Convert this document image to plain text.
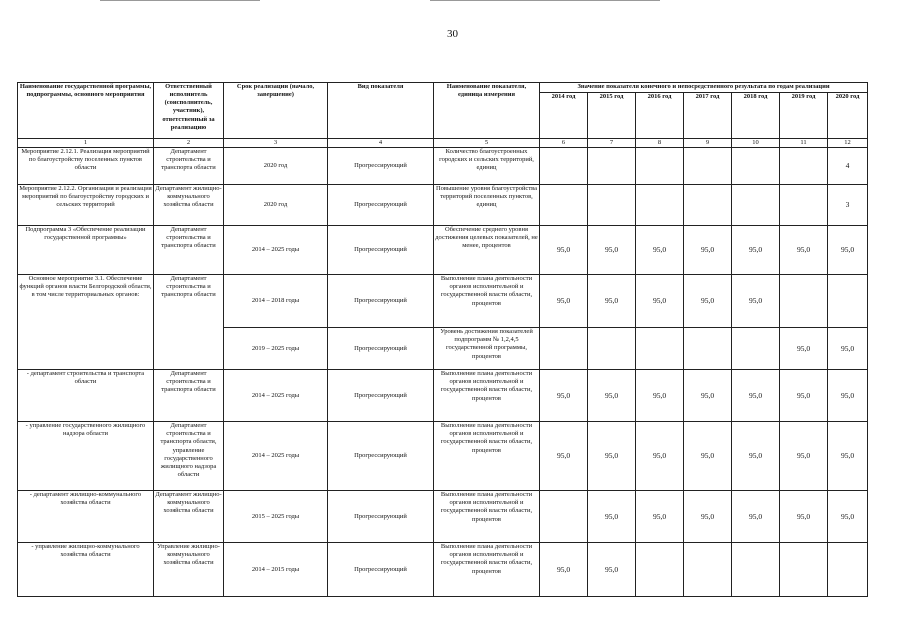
30
Наименование государственной программы, подпрограммы, основного мероприятия	Ответственный исполнитель (соисполнитель, участник), ответственный за реализацию	Срок реализации (начало, завершение)	Вид показателя	Наименование показателя, единица измерения	Значение показателя конечного и непосредственного результата по годам реализации						
					2014 год	2015 год	2016 год	2017 год	2018 год	2019 год	2020 год
1	2	3	4	5	6	7	8	9	10	11	12
Мероприятие 2.12.1. Реализация мероприятий по благоустройству поселенных пунктов области	Департамент строительства и транспорта области	2020 год	Прогрессирующий	Количество благоустроенных городских и сельских территорий, единиц							4
Мероприятие 2.12.2. Организация и реализация мероприятий по благоустройству городских и сельских территорий	Департамент жилищно-коммунального хозяйства области	2020 год	Прогрессирующий	Повышение уровня благоустройства территорий поселенных пунктов, единиц							3
Подпрограмма 3 «Обеспечение реализации государственной программы»	Департамент строительства и транспорта области	2014 – 2025 годы	Прогрессирующий	Обеспечение среднего уровня достижения целевых показателей, не менее, процентов	95,0	95,0	95,0	95,0	95,0	95,0	95,0
Основное мероприятие 3.1. Обеспечение функций органов власти Белгородской области, в том числе территориальных органов:	Департамент строительства и транспорта области	2014 – 2018 годы	Прогрессирующий	Выполнение плана деятельности органов исполнительной и государственной власти области, процентов	95,0	95,0	95,0	95,0	95,0		
		2019 – 2025 годы	Прогрессирующий	Уровень достижения показателей подпрограмм № 1,2,4,5 государственной программы, процентов						95,0	95,0
- департамент строительства и транспорта области	Департамент строительства и транспорта области	2014 – 2025 годы	Прогрессирующий	Выполнение плана деятельности органов исполнительной и государственной власти области, процентов	95,0	95,0	95,0	95,0	95,0	95,0	95,0
- управление государственного жилищного надзора области	Департамент строительства и транспорта области, управление государственного жилищного надзора области	2014 – 2025 годы	Прогрессирующий	Выполнение плана деятельности органов исполнительной и государственной власти области, процентов	95,0	95,0	95,0	95,0	95,0	95,0	95,0
- департамент жилищно-коммунального хозяйства области	Департамент жилищно-коммунального хозяйства области	2015 – 2025 годы	Прогрессирующий	Выполнение плана деятельности органов исполнительной и государственной власти области, процентов		95,0	95,0	95,0	95,0	95,0	95,0
- управление жилищно-коммунального хозяйства области	Управление жилищно-коммунального хозяйства области	2014 – 2015 годы	Прогрессирующий	Выполнение плана деятельности органов исполнительной и государственной власти области, процентов	95,0	95,0					
